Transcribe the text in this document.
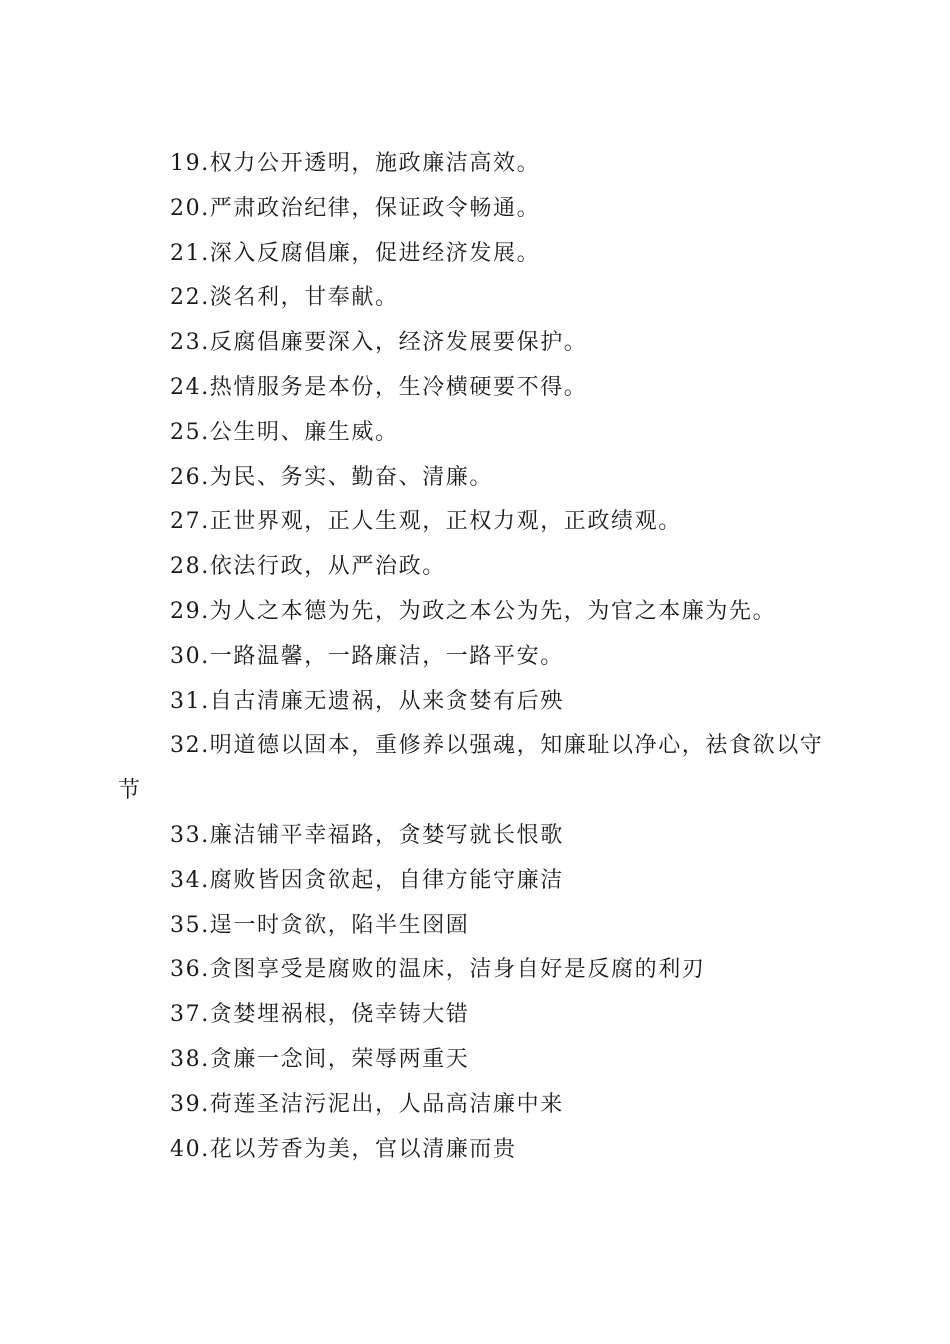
19.权力公开透明，施政廉洁高效。

20.严肃政治纪律，保证政令畅通。

21.深入反腐倡廉，促进经济发展。

22.淡名利，甘奉献。

23.反腐倡廉要深入，经济发展要保护。

24.热情服务是本份，生冷横硬要不得。

25.公生明、廉生威。

26.为民、务实、勤奋、清廉。

27.正世界观，正人生观，正权力观，正政绩观。

28.依法行政，从严治政。

29.为人之本德为先，为政之本公为先，为官之本廉为先。

30.一路温馨，一路廉洁，一路平安。

31.自古清廉无遗祸，从来贪婪有后殃

32.明道德以固本，重修养以强魂，知廉耻以净心，祛食欲以守节

33.廉洁铺平幸福路，贪婪写就长恨歌

34.腐败皆因贪欲起，自律方能守廉洁

35.逞一时贪欲，陷半生囹圄

36.贪图享受是腐败的温床，洁身自好是反腐的利刃

37.贪婪埋祸根，侥幸铸大错

38.贪廉一念间，荣辱两重天

39.荷莲圣洁污泥出，人品高洁廉中来

40.花以芳香为美，官以清廉而贵
